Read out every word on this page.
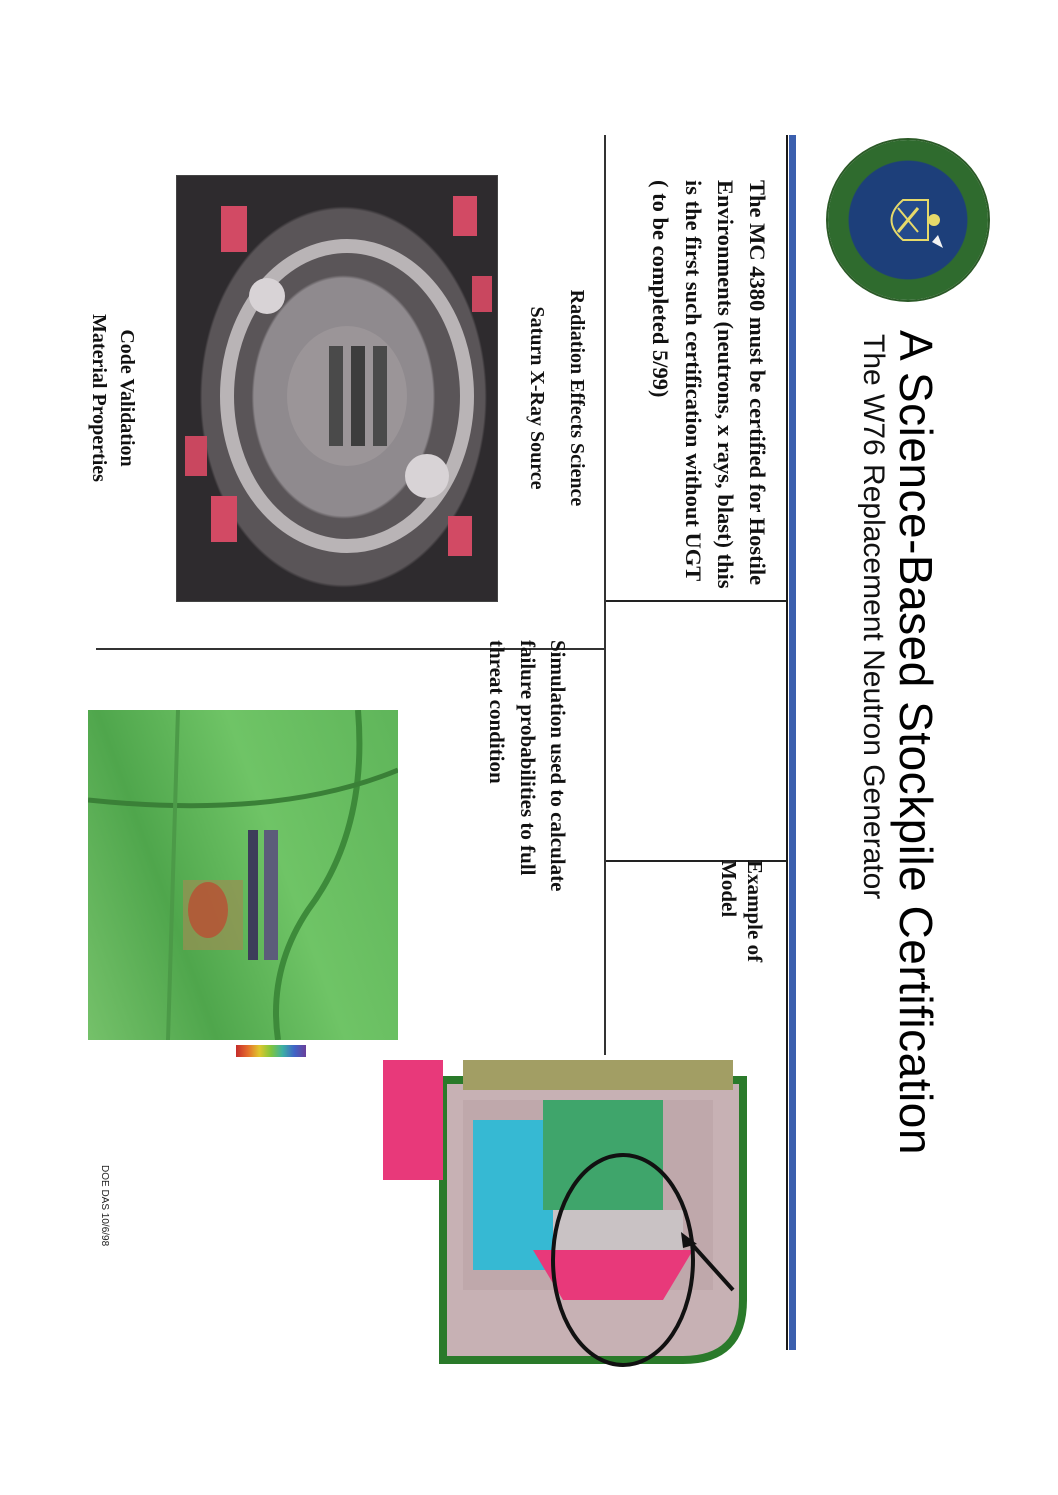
A Science-Based Stockpile Certification
The W76 Replacement Neutron Generator
The MC 4380 must be certified for Hostile
Environments (neutrons, x rays, blast) this
is the first such certification without UGT
( to be completed 5/99)
Example of
Model
Radiation Effects Science
Saturn X-Ray Source
Code Validation
Material Properties
Simulation used to calculate
failure probabilities to full
threat condition
DOE DAS 10/6/98
